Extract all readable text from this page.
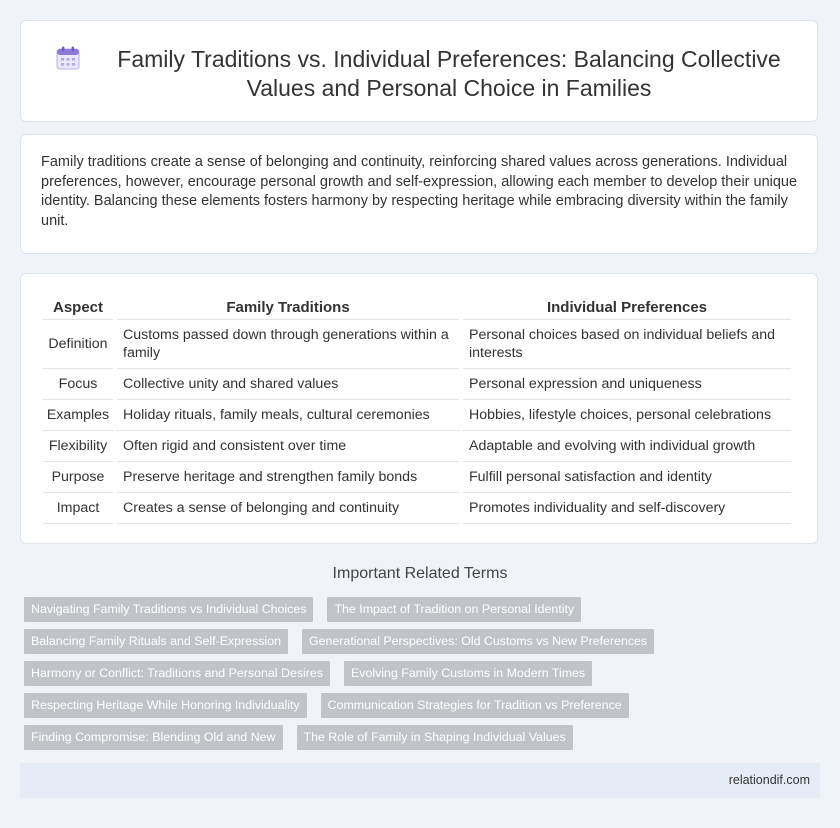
Family Traditions vs. Individual Preferences: Balancing Collective Values and Personal Choice in Families
Family traditions create a sense of belonging and continuity, reinforcing shared values across generations. Individual preferences, however, encourage personal growth and self-expression, allowing each member to develop their unique identity. Balancing these elements fosters harmony by respecting heritage while embracing diversity within the family unit.
Aspect	Family Traditions	Individual Preferences
Definition	Customs passed down through generations within a family	Personal choices based on individual beliefs and interests
Focus	Collective unity and shared values	Personal expression and uniqueness
Examples	Holiday rituals, family meals, cultural ceremonies	Hobbies, lifestyle choices, personal celebrations
Flexibility	Often rigid and consistent over time	Adaptable and evolving with individual growth
Purpose	Preserve heritage and strengthen family bonds	Fulfill personal satisfaction and identity
Impact	Creates a sense of belonging and continuity	Promotes individuality and self-discovery
Important Related Terms
Navigating Family Traditions vs Individual Choices	The Impact of Tradition on Personal Identity
Balancing Family Rituals and Self-Expression	Generational Perspectives: Old Customs vs New Preferences
Harmony or Conflict: Traditions and Personal Desires	Evolving Family Customs in Modern Times
Respecting Heritage While Honoring Individuality	Communication Strategies for Tradition vs Preference
Finding Compromise: Blending Old and New	The Role of Family in Shaping Individual Values
relationdif.com
